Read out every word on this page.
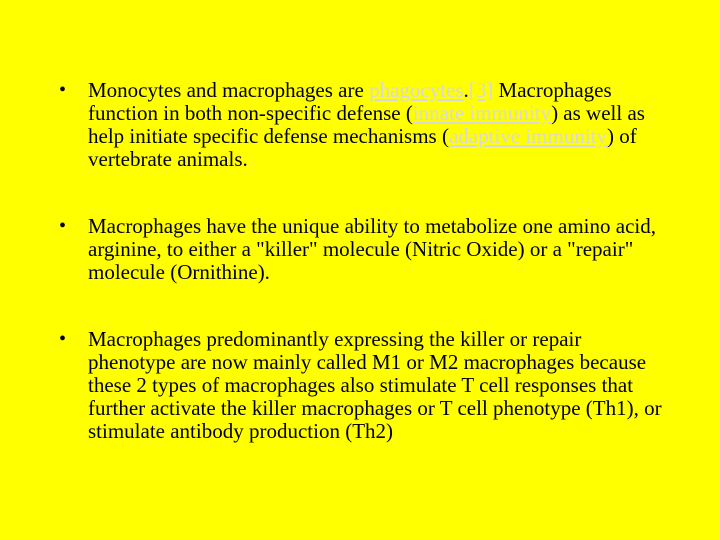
• Monocytes and macrophages are phagocytes.[3] Macrophages function in both non-specific defense (innate immunity) as well as help initiate specific defense mechanisms (adaptive immunity) of vertebrate animals.
• Macrophages have the unique ability to metabolize one amino acid, arginine, to either a "killer" molecule (Nitric Oxide) or a "repair" molecule (Ornithine).
• Macrophages predominantly expressing the killer or repair phenotype are now mainly called M1 or M2 macrophages because these 2 types of macrophages also stimulate T cell responses that further activate the killer macrophages or T cell phenotype (Th1), or stimulate antibody production (Th2)
